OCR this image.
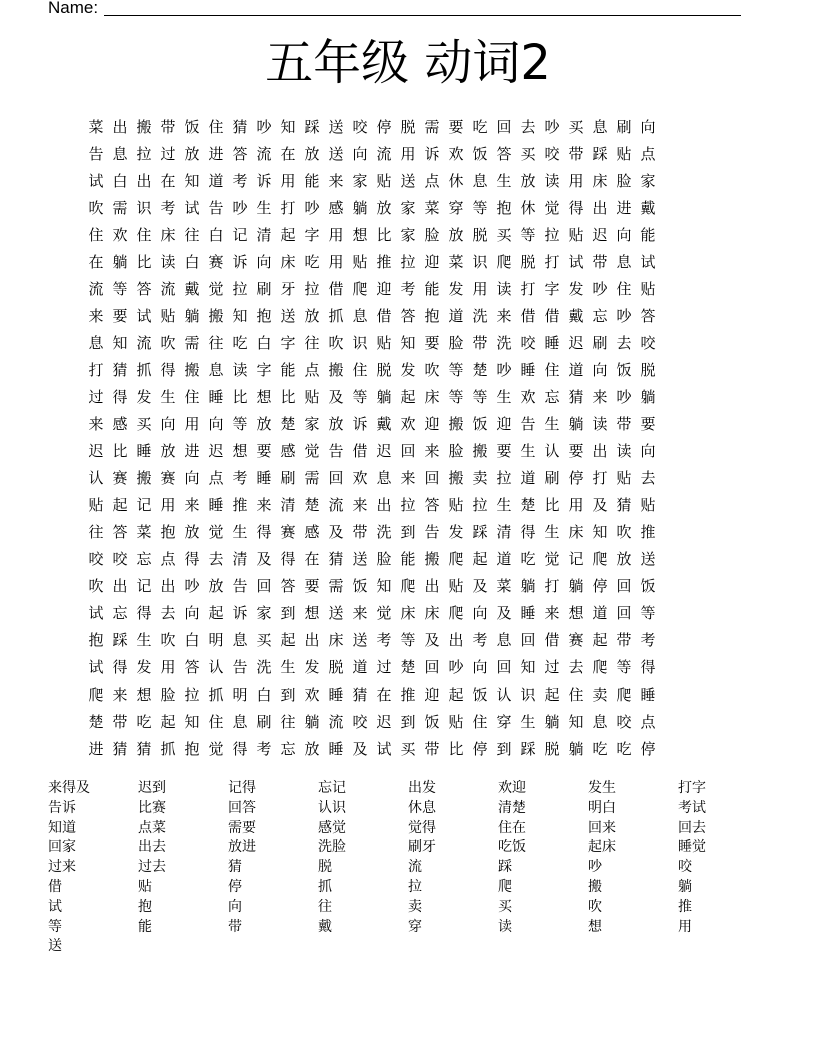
Name:
五年级 动词2
菜 出 搬 带 饭 住 猜 吵 知 踩 送 咬 停 脱 需 要 吃 回 去 吵 买 息 刷 向
告 息 拉 过 放 进 答 流 在 放 送 向 流 用 诉 欢 饭 答 买 咬 带 踩 贴 点
试 白 出 在 知 道 考 诉 用 能 来 家 贴 送 点 休 息 生 放 读 用 床 脸 家
吹 需 识 考 试 告 吵 生 打 吵 感 躺 放 家 菜 穿 等 抱 休 觉 得 出 进 戴
住 欢 住 床 往 白 记 清 起 字 用 想 比 家 脸 放 脱 买 等 拉 贴 迟 向 能
在 躺 比 读 白 赛 诉 向 床 吃 用 贴 推 拉 迎 菜 识 爬 脱 打 试 带 息 试
流 等 答 流 戴 觉 拉 刷 牙 拉 借 爬 迎 考 能 发 用 读 打 字 发 吵 住 贴
来 要 试 贴 躺 搬 知 抱 送 放 抓 息 借 答 抱 道 洗 来 借 借 戴 忘 吵 答
息 知 流 吹 需 往 吃 白 字 往 吹 识 贴 知 要 脸 带 洗 咬 睡 迟 刷 去 咬
打 猜 抓 得 搬 息 读 字 能 点 搬 住 脱 发 吹 等 楚 吵 睡 住 道 向 饭 脱
过 得 发 生 住 睡 比 想 比 贴 及 等 躺 起 床 等 等 生 欢 忘 猜 来 吵 躺
来 感 买 向 用 向 等 放 楚 家 放 诉 戴 欢 迎 搬 饭 迎 告 生 躺 读 带 要
迟 比 睡 放 进 迟 想 要 感 觉 告 借 迟 回 来 脸 搬 要 生 认 要 出 读 向
认 赛 搬 赛 向 点 考 睡 刷 需 回 欢 息 来 回 搬 卖 拉 道 刷 停 打 贴 去
贴 起 记 用 来 睡 推 来 清 楚 流 来 出 拉 答 贴 拉 生 楚 比 用 及 猜 贴
往 答 菜 抱 放 觉 生 得 赛 感 及 带 洗 到 告 发 踩 清 得 生 床 知 吹 推
咬 咬 忘 点 得 去 清 及 得 在 猜 送 脸 能 搬 爬 起 道 吃 觉 记 爬 放 送
吹 出 记 出 吵 放 告 回 答 要 需 饭 知 爬 出 贴 及 菜 躺 打 躺 停 回 饭
试 忘 得 去 向 起 诉 家 到 想 送 来 觉 床 床 爬 向 及 睡 来 想 道 回 等
抱 踩 生 吹 白 明 息 买 起 出 床 送 考 等 及 出 考 息 回 借 赛 起 带 考
试 得 发 用 答 认 告 洗 生 发 脱 道 过 楚 回 吵 向 回 知 过 去 爬 等 得
爬 来 想 脸 拉 抓 明 白 到 欢 睡 猜 在 推 迎 起 饭 认 识 起 住 卖 爬 睡
楚 带 吃 起 知 住 息 刷 往 躺 流 咬 迟 到 饭 贴 住 穿 生 躺 知 息 咬 点
进 猜 猜 抓 抱 觉 得 考 忘 放 睡 及 试 买 带 比 停 到 踩 脱 躺 吃 吃 停
来得及	迟到	记得	忘记	出发	欢迎	发生	打字
告诉	比赛	回答	认识	休息	清楚	明白	考试
知道	点菜	需要	感觉	觉得	住在	回来	回去
回家	出去	放进	洗脸	刷牙	吃饭	起床	睡觉
过来	过去	猜	脱	流	踩	吵	咬
借	贴	停	抓	拉	爬	搬	躺
试	抱	向	往	卖	买	吹	推
等	能	带	戴	穿	读	想	用
送
